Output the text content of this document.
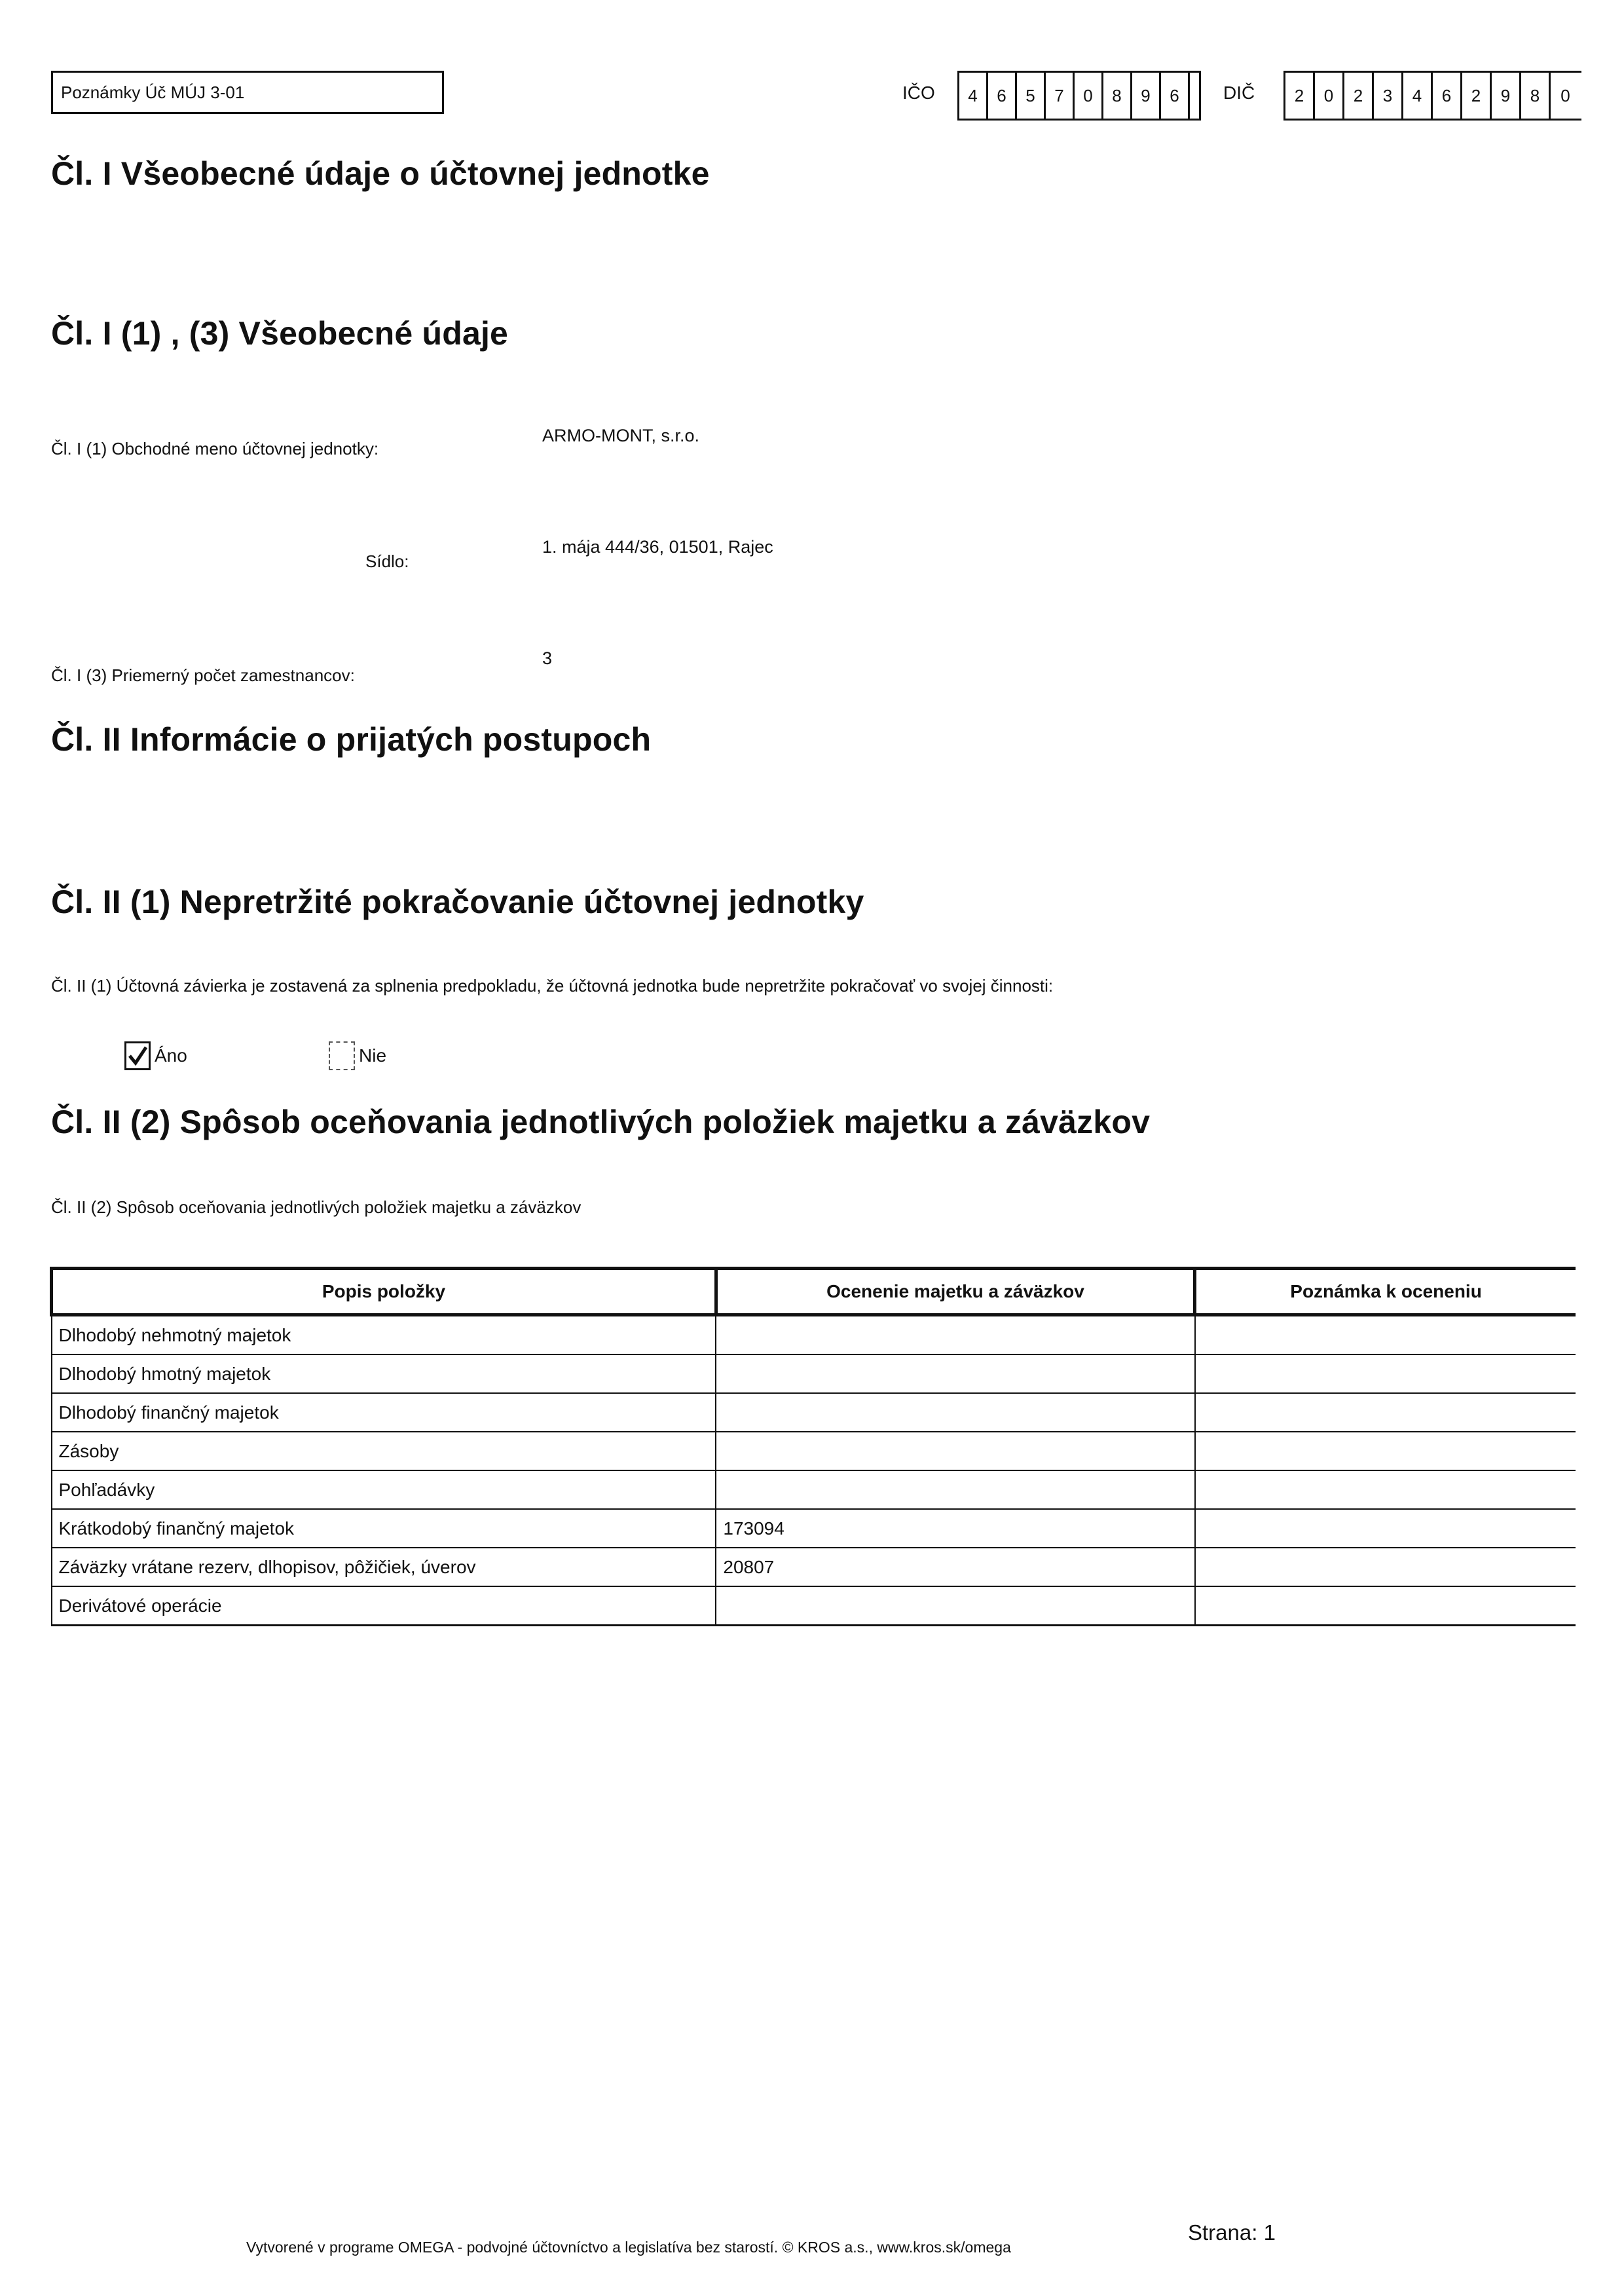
Poznámky Úč MÚJ 3-01	IČO	4	6	5	7	0	8	9	6	DIČ	2	0	2	3	4	6	2	9	8	0
Čl. I Všeobecné údaje o účtovnej jednotke
Čl. I (1) , (3) Všeobecné údaje
Čl. I (1) Obchodné meno účtovnej jednotky:
ARMO-MONT, s.r.o.
Sídlo:
1. mája 444/36, 01501, Rajec
Čl. I (3) Priemerný počet zamestnancov:
3
Čl. II Informácie o prijatých postupoch
Čl. II (1) Nepretržité pokračovanie účtovnej jednotky
Čl. II (1) Účtovná závierka je zostavená za splnenia predpokladu, že účtovná jednotka bude nepretržite pokračovať vo svojej činnosti:
Áno	Nie
Čl. II (2) Spôsob oceňovania jednotlivých položiek majetku a záväzkov
Čl. II (2) Spôsob oceňovania jednotlivých položiek majetku a záväzkov
Popis položky	Ocenenie majetku a záväzkov	Poznámka k oceneniu
Dlhodobý nehmotný majetok		
Dlhodobý hmotný majetok		
Dlhodobý finančný majetok		
Zásoby		
Pohľadávky		
Krátkodobý finančný majetok	173094	
Záväzky vrátane rezerv, dlhopisov, pôžičiek, úverov	20807	
Derivátové operácie		
Vytvorené v programe OMEGA - podvojné účtovníctvo a legislatíva bez starostí. © KROS a.s., www.kros.sk/omega
Strana: 1
